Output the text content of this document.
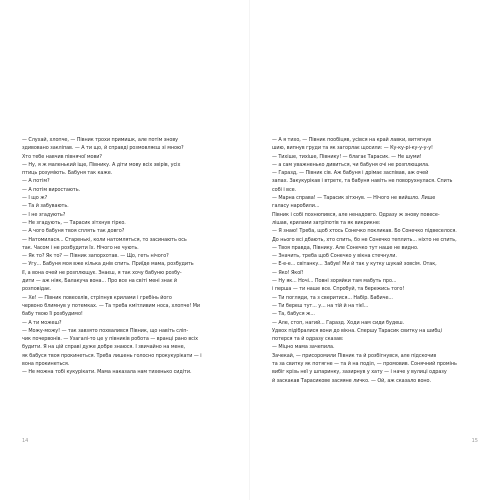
— Слухай, хлопче, — Півник трохи примишк, але потім знову

здивовано закліпав. — А ти що, й справді розмовляєш зі мною?

Хто тебе навчив півнячої мови?

— Ну, я ж маленький іще, Півнику. А діти мову всіх звірів, усіх

птиць розуміють. Бабуня так каже.

— А потім?

— А потім виростають.

— І що ж?

— Та й забувають.

— І не згадують?

— Не згадують, — Тарасик зітхнув гірко.

— А чого бабуня твоя сплять так довго?

— Натомилася... Старенькі, коли натомляться, то засинають ось

так. Часом і не розбудити їх. Нічого не чують.

— Як то? Як то? — Півник запорхотав. — Що, геть нічого?

— Угу... Бабуня моя вже кілька днів спить. Приїде мама, розбудить

її, а вона очей не розплющує. Знаєш, я так хочу бабуню розбу-

дити — аж ніяк, Балакуча вона... Про все на світі мені знає й

розповідає.

— Хе! — Півник повеселів, стріпнув крилами і гребінь його

червоно блимнув у потемках. — Та треба кмітливим носа, хлопче! Ми

бабу твою її розбудимо!

— А ти можеш?

— Можу-можу! — так завзято похвалився Півник, що навіть сліп-

чик почервонів. — Узагалі-то це у півників робота — вранці рано всіх

будити. Я на цій справі дуже добре знаюся. І звичайно на мене,

як бабуся твоя прокинеться. Треба лишень голосно прокукурікати — і

вона прокинеться.

— Не можна тобі кукурікати. Мама наказала нам тихенько сидіти.

14

— А я тихо, — Півник пообіцяв, усівся на край лавки, витягнув

шию, випнув груди та як загорлає щосили: — Ку-ку-рі-ку-у-у-у!

— Тихіше, тихіше, Півнику! — благає Тарасик. — Не шуми!

— а сам уважненько дивиться, чи бабуня очі не розплющила.

— Гаразд, — Півник сів. Аж бабуня і дрімає заспівав, аж очей

запах. Закукурікав і втретє, та бабуня навіть не поворухнулася. Спить

собі і все.

— Марна справа! — Тарасик зітхнув. — Нічого не вийшло. Лише

галасу наробили...

Півник і собі похнюпився, але ненадовго. Одразу ж знову повесе-

лішав, крилами затріпотів та як викрикне:

— Я знаю! Треба, щоб хтось Сонечко покликав. Бо Сонечко підвеселося.

До нього всі дбають, хто спить, бо не Сонечко теплить... ніхто не спить,

— Твоя правда, Півнику. Але Сонечко тут наше не видно.

— Значить, треба щоб Сонечко у вікна стечнули.

— Е-е-е... світанку... Забув! Ми й так у кутку шукай зовсім. Отак,

— Яко! Якої!

— Ну як... Ночі... Повні зоряйки там мабуть про...

і перша — ти наше все. Спробуй, та бережись того!

— Ти погляди, та з сверитися... Набір. Бабиче...

— Ти береш тут... у... на тій й на тієї...

— Та, бабуся ж...

— Але, стоп, нагий... Гаразд. Ходи нам сиди будеш.

Удвох підібралися вони до вікна. Спершу Тарасик свитку на шибці

потерся та й одразу сказав:

— Міцно мама зачепила.

Зачекай, — присоромили Півник та й розбігнувся, але підскочив

та за свитку як потягне — та й на поділ, — промовив. Сонячний промінь

вибіг крізь неї у шпаринку, зазирнув у хату — і наче у вулиці одразу

й заскакав Тарасикове засяяне личко. — Ой, аж сказало воно.

15
